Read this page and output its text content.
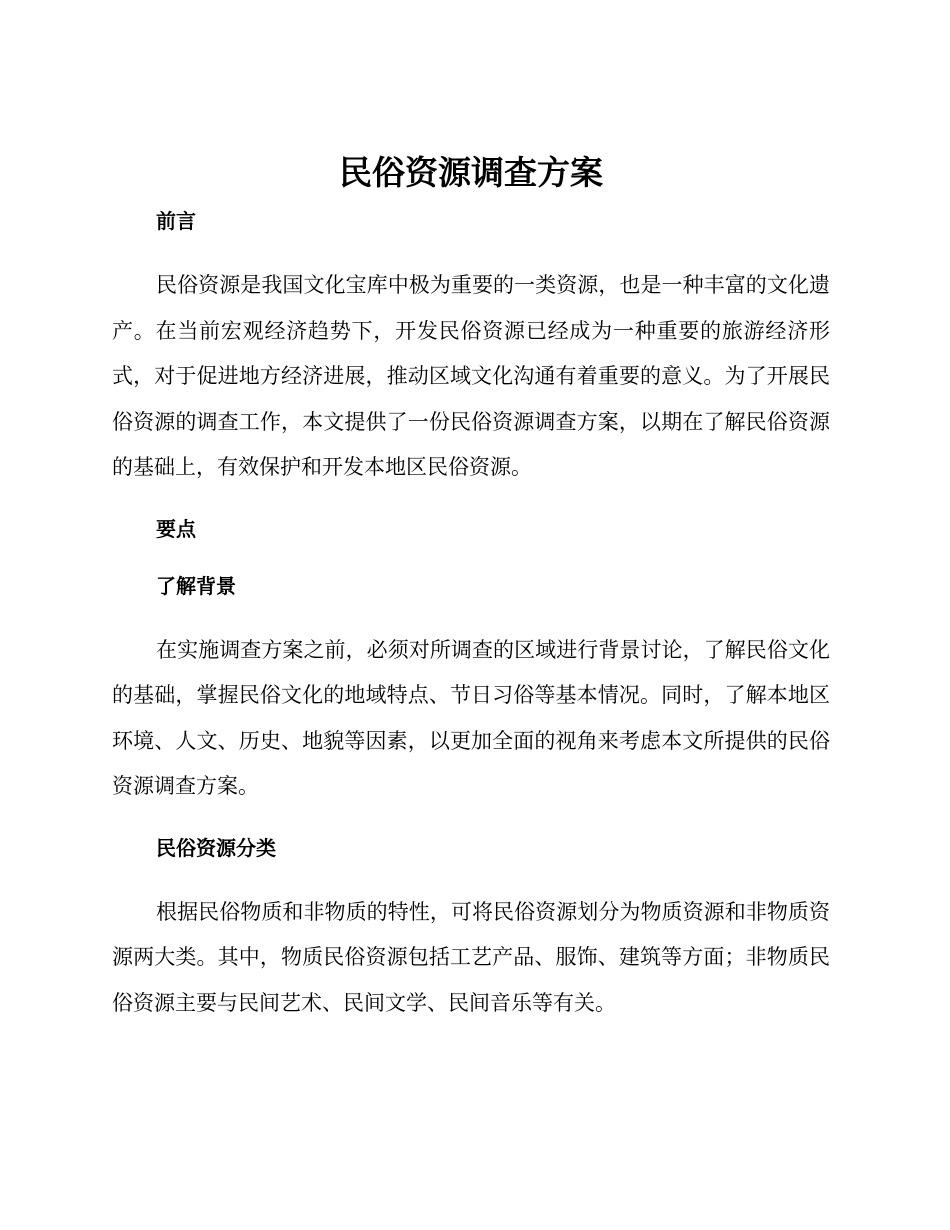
民俗资源调查方案
前言

民俗资源是我国文化宝库中极为重要的一类资源，也是一种丰富的文化遗产。在当前宏观经济趋势下，开发民俗资源已经成为一种重要的旅游经济形式，对于促进地方经济进展，推动区域文化沟通有着重要的意义。为了开展民俗资源的调查工作，本文提供了一份民俗资源调查方案，以期在了解民俗资源的基础上，有效保护和开发本地区民俗资源。

要点
了解背景

在实施调查方案之前，必须对所调查的区域进行背景讨论，了解民俗文化的基础，掌握民俗文化的地域特点、节日习俗等基本情况。同时，了解本地区环境、人文、历史、地貌等因素，以更加全面的视角来考虑本文所提供的民俗资源调查方案。

民俗资源分类

根据民俗物质和非物质的特性，可将民俗资源划分为物质资源和非物质资源两大类。其中，物质民俗资源包括工艺产品、服饰、建筑等方面；非物质民俗资源主要与民间艺术、民间文学、民间音乐等有关。
